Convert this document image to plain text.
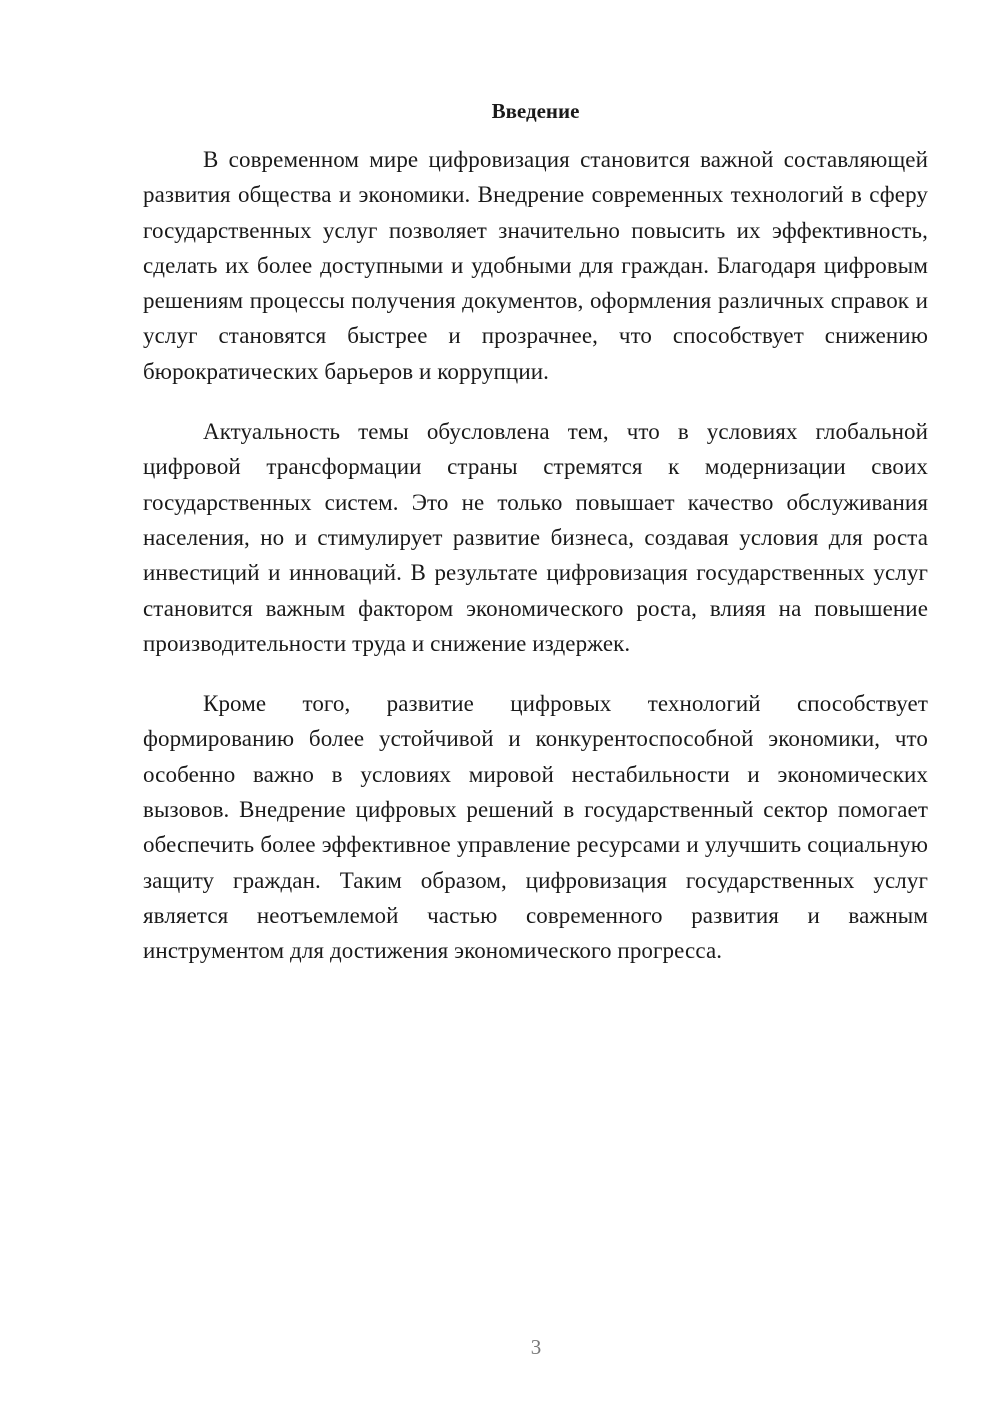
Введение

В современном мире цифровизация становится важной составляющей развития общества и экономики. Внедрение современных технологий в сферу государственных услуг позволяет значительно повысить их эффективность, сделать их более доступными и удобными для граждан. Благодаря цифровым решениям процессы получения документов, оформления различных справок и услуг становятся быстрее и прозрачнее, что способствует снижению бюрократических барьеров и коррупции.

Актуальность темы обусловлена тем, что в условиях глобальной цифровой трансформации страны стремятся к модернизации своих государственных систем. Это не только повышает качество обслуживания населения, но и стимулирует развитие бизнеса, создавая условия для роста инвестиций и инноваций. В результате цифровизация государственных услуг становится важным фактором экономического роста, влияя на повышение производительности труда и снижение издержек.

Кроме того, развитие цифровых технологий способствует формированию более устойчивой и конкурентоспособной экономики, что особенно важно в условиях мировой нестабильности и экономических вызовов. Внедрение цифровых решений в государственный сектор помогает обеспечить более эффективное управление ресурсами и улучшить социальную защиту граждан. Таким образом, цифровизация государственных услуг является неотъемлемой частью современного развития и важным инструментом для достижения экономического прогресса.

3
